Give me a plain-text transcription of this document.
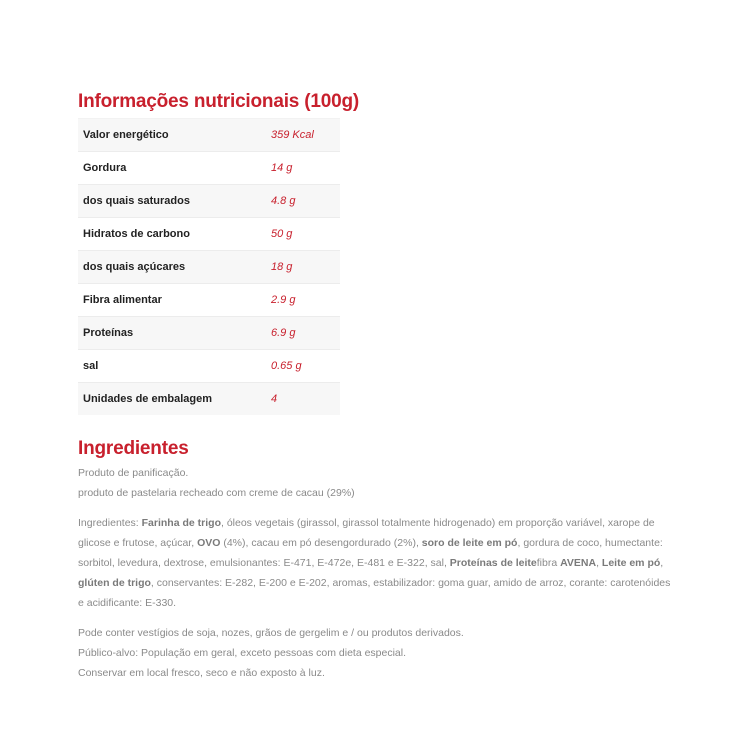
Informações nutricionais (100g)
Valor energético	359 Kcal
Gordura	14 g
dos quais saturados	4.8 g
Hidratos de carbono	50 g
dos quais açúcares	18 g
Fibra alimentar	2.9 g
Proteínas	6.9 g
sal	0.65 g
Unidades de embalagem	4
Ingredientes

Produto de panificação.

produto de pastelaria recheado com creme de cacau (29%)

Ingredientes: Farinha de trigo, óleos vegetais (girassol, girassol totalmente hidrogenado) em proporção variável, xarope de glicose e frutose, açúcar, OVO (4%), cacau em pó desengordurado (2%), soro de leite em pó, gordura de coco, humectante: sorbitol, levedura, dextrose, emulsionantes: E-471, E-472e, E-481 e E-322, sal, Proteínas de leitefibra AVENA, Leite em pó, glúten de trigo, conservantes: E-282, E-200 e E-202, aromas, estabilizador: goma guar, amido de arroz, corante: carotenóides e acidificante: E-330.

Pode conter vestígios de soja, nozes, grãos de gergelim e / ou produtos derivados.

Público-alvo: População em geral, exceto pessoas com dieta especial.

Conservar em local fresco, seco e não exposto à luz.
